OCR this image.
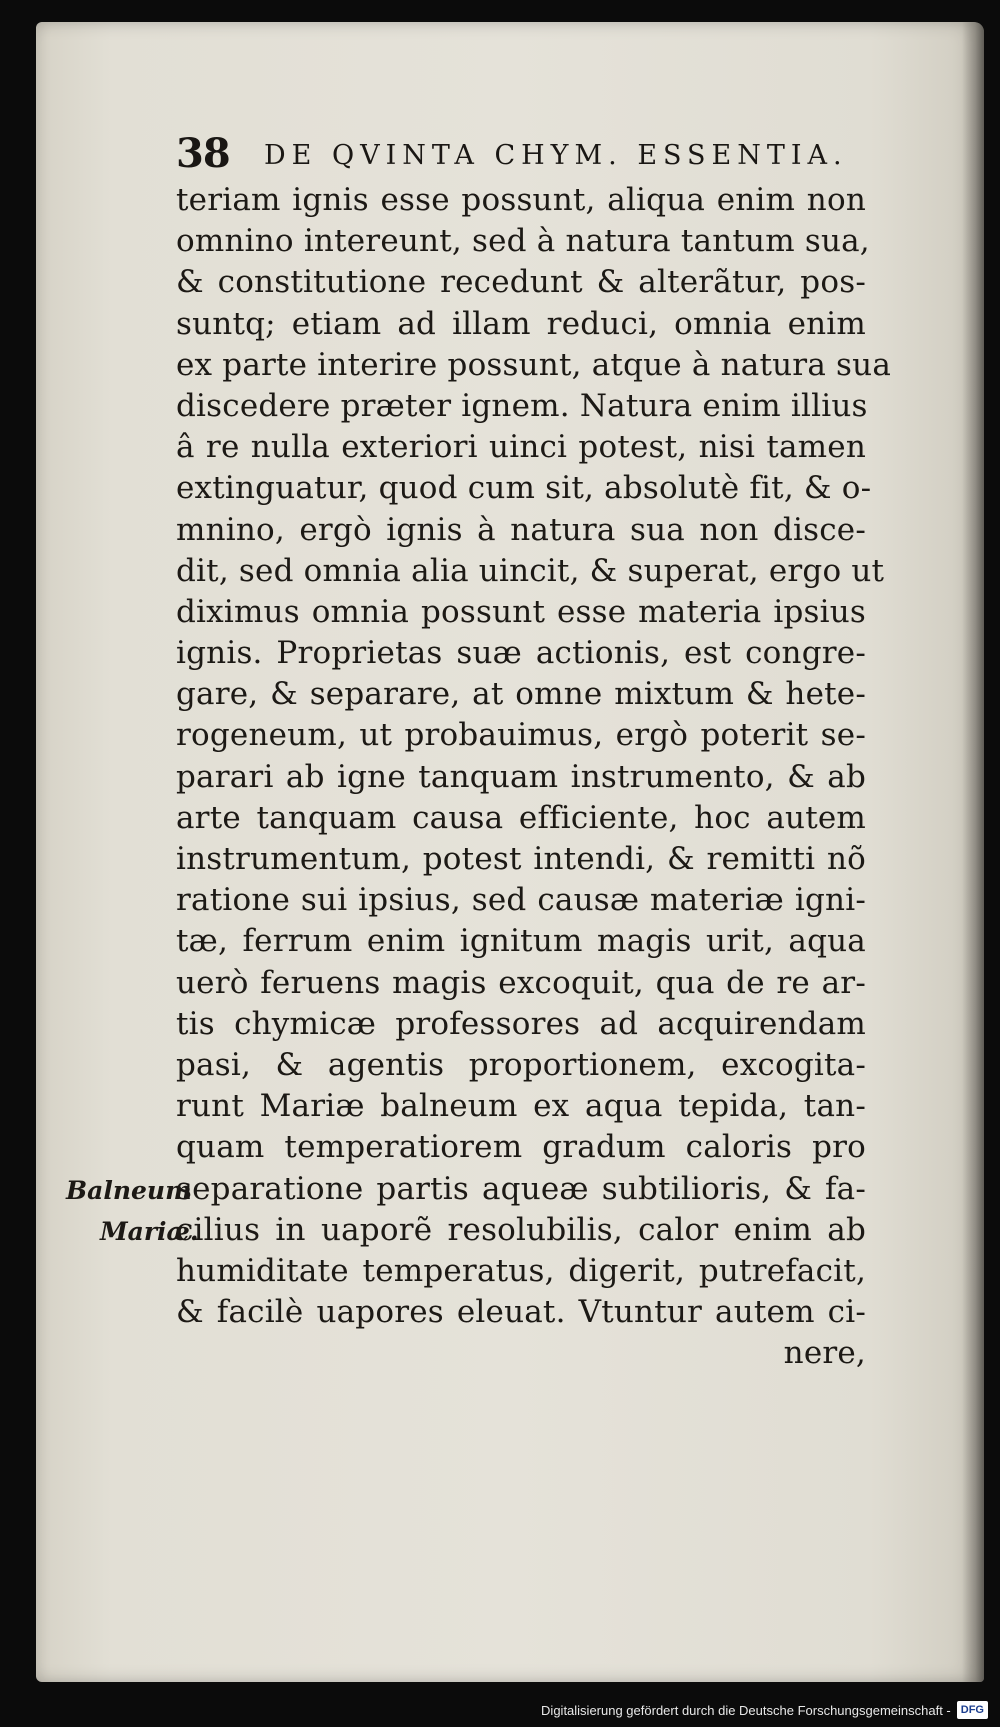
38 DE QVINTA CHYM. ESSENTIA.
teriam ignis esse possunt, aliqua enim non
omnino intereunt, sed à natura tantum sua,
& constitutione recedunt & alterãtur, pos-
suntq; etiam ad illam reduci, omnia enim
ex parte interire possunt, atque à natura sua
discedere præter ignem. Natura enim illius
â re nulla exteriori uinci potest, nisi tamen
extinguatur, quod cum sit, absolutè fit, & o-
mnino, ergò ignis à natura sua non disce-
dit, sed omnia alia uincit, & superat, ergo ut
diximus omnia possunt esse materia ipsius
ignis. Proprietas suæ actionis, est congre-
gare, & separare, at omne mixtum & hete-
rogeneum, ut probauimus, ergò poterit se-
parari ab igne tanquam instrumento, & ab
arte tanquam causa efficiente, hoc autem
instrumentum, potest intendi, & remitti nõ
ratione sui ipsius, sed causæ materiæ igni-
tæ, ferrum enim ignitum magis urit, aqua
uerò feruens magis excoquit, qua de re ar-
tis chymicæ professores ad acquirendam
pasi, & agentis proportionem, excogita-
runt Mariæ balneum ex aqua tepida, tan-
quam temperatiorem gradum caloris pro
separatione partis aqueæ subtilioris, & fa-
cilius in uaporẽ resolubilis, calor enim ab
humiditate temperatus, digerit, putrefacit,
& facilè uapores eleuat. Vtuntur autem ci-
nere,
Balneum
Mariæ.
Digitalisierung gefördert durch die Deutsche Forschungsgemeinschaft - DFG
